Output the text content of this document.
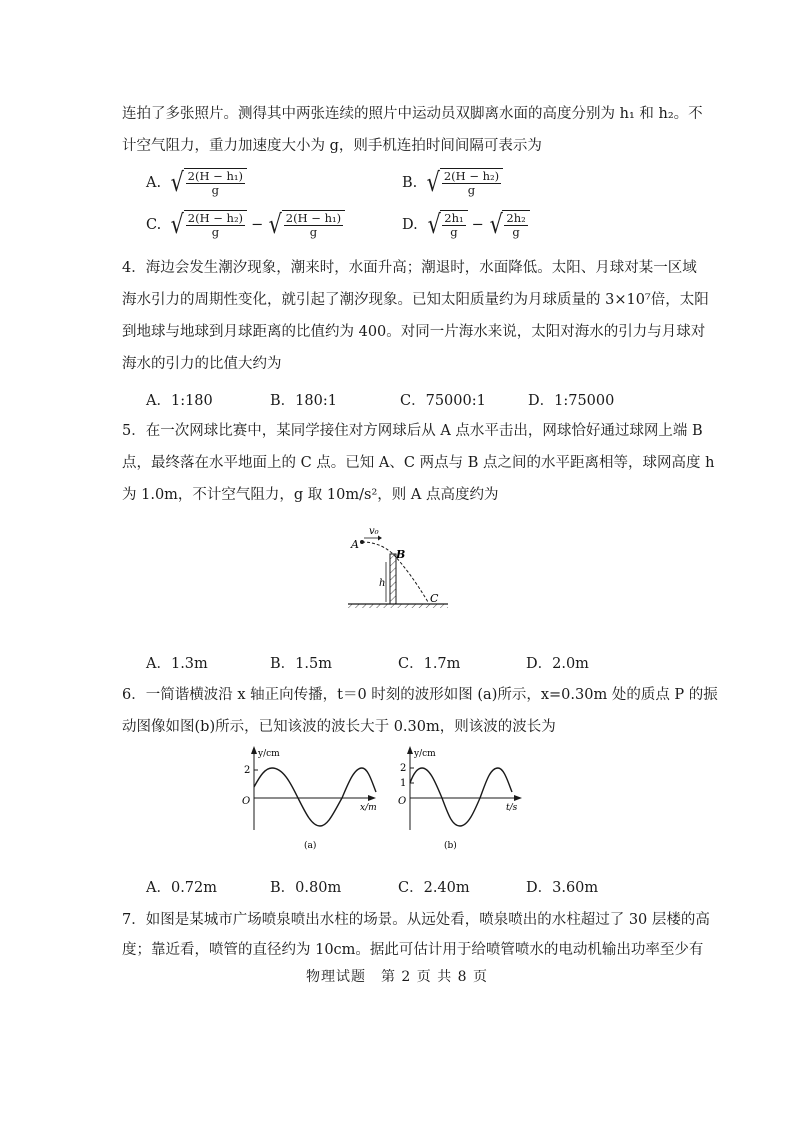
连拍了多张照片。测得其中两张连续的照片中运动员双脚离水面的高度分别为 h₁ 和 h₂。不
计空气阻力，重力加速度大小为 g，则手机连拍时间间隔可表示为
A. √ $\frac{\text{2(H − h₁)}}{g}$	B. √ $\frac{\text{2(H − h₂)}}{g}$
C. √ $\frac{\text{2(H − h₂)}}{g}$ − √ $\frac{\text{2(H − h₁)}}{g}$	D. √ $\frac{\text{2h₁}}{g}$ − √ $\frac{\text{2h₂}}{g}$
4．海边会发生潮汐现象，潮来时，水面升高；潮退时，水面降低。太阳、月球对某一区域
海水引力的周期性变化，就引起了潮汐现象。已知太阳质量约为月球质量的 3×10⁷倍，太阳
到地球与地球到月球距离的比值约为 400。对同一片海水来说，太阳对海水的引力与月球对
海水的引力的比值大约为
A．1:180	B．180:1	C．75000:1	D．1:75000
5．在一次网球比赛中，某同学接住对方网球后从 A 点水平击出，网球恰好通过球网上端 B
点，最终落在水平地面上的 C 点。已知 A、C 两点与 B 点之间的水平距离相等，球网高度 h
为 1.0m，不计空气阻力，g 取 10m/s²，则 A 点高度约为
v₀
A
B
h
C
A．1.3m	B．1.5m	C．1.7m	D．2.0m
6．一简谐横波沿 x 轴正向传播，t＝0 时刻的波形如图 (a)所示，x=0.30m 处的质点 P 的振
动图像如图(b)所示，已知该波的波长大于 0.30m，则该波的波长为
y/cm
2
O
x/m
(a)
y/cm
2
1
O
t/s
(b)
A．0.72m	B．0.80m	C．2.40m	D．3.60m
7．如图是某城市广场喷泉喷出水柱的场景。从远处看，喷泉喷出的水柱超过了 30 层楼的高
度；靠近看，喷管的直径约为 10cm。据此可估计用于给喷管喷水的电动机输出功率至少有
物理试题　第 2 页 共 8 页
